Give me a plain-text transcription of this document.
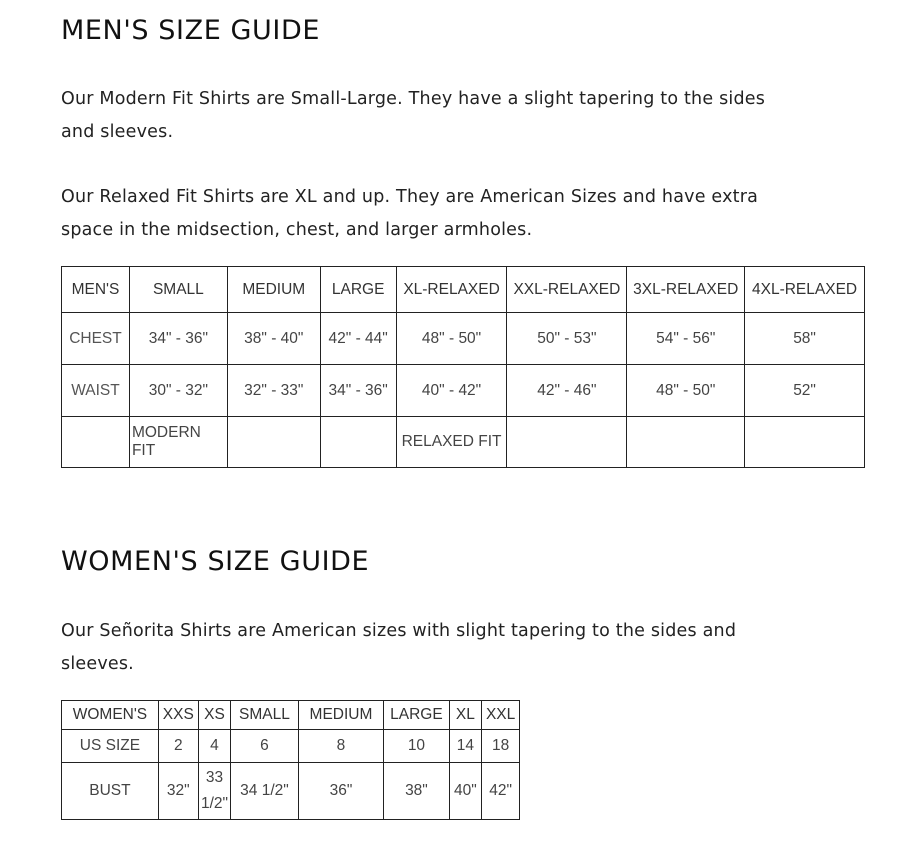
MEN'S SIZE GUIDE

Our Modern Fit Shirts are Small-Large. They have a slight tapering to the sides and sleeves.

Our Relaxed Fit Shirts are XL and up. They are American Sizes and have extra space in the midsection, chest, and larger armholes.

MEN'S	SMALL	MEDIUM	LARGE	XL-RELAXED	XXL-RELAXED	3XL-RELAXED	4XL-RELAXED
CHEST	34" - 36"	38" - 40"	42" - 44"	48" - 50"	50" - 53"	54" - 56"	58"
WAIST	30" - 32"	32" - 33"	34" - 36"	40" - 42"	42" - 46"	48" - 50"	52"
	MODERN FIT			RELAXED FIT			
WOMEN'S SIZE GUIDE

Our Señorita Shirts are American sizes with slight tapering to the sides and sleeves.

WOMEN'S	XXS	XS	SMALL	MEDIUM	LARGE	XL	XXL
US SIZE	2	4	6	8	10	14	18
BUST	32"	33 1/2"	34 1/2"	36"	38"	40"	42"
